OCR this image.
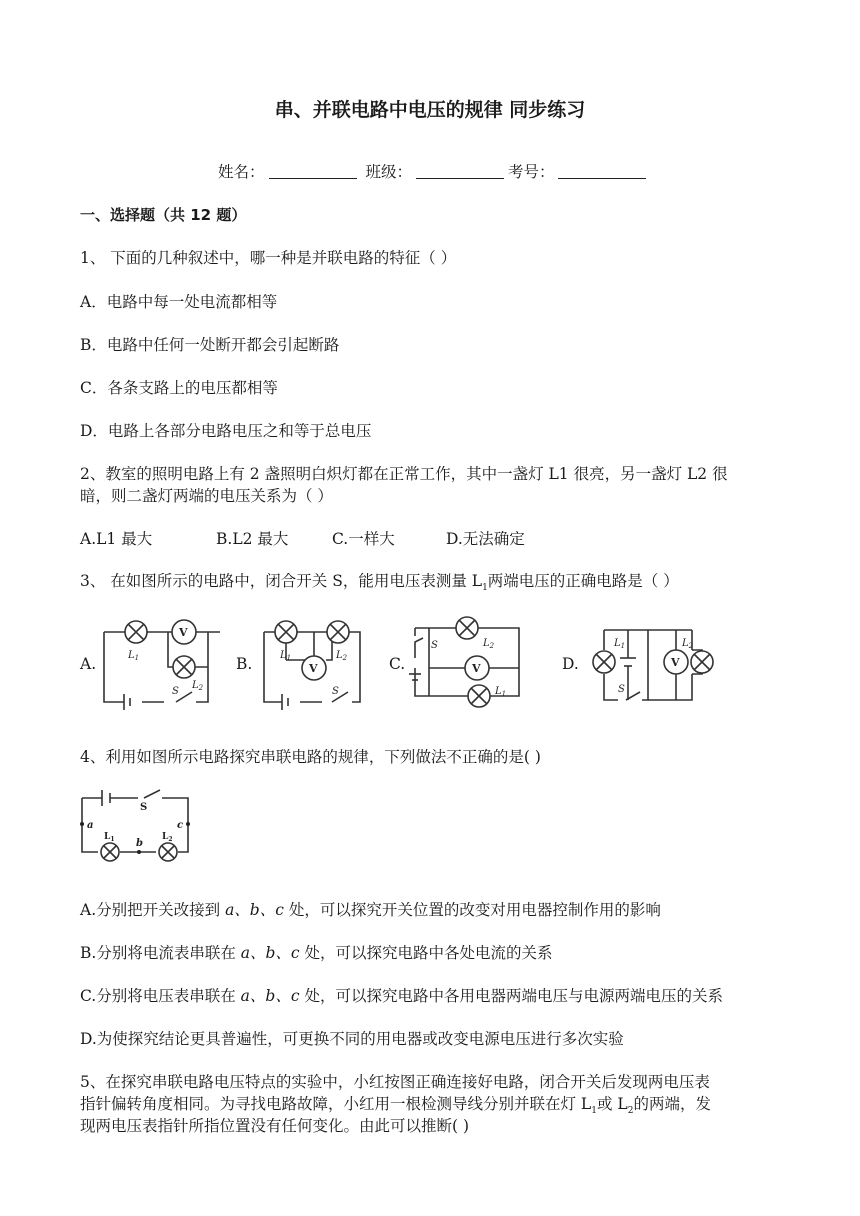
串、并联电路中电压的规律 同步练习
姓名：	班级：	考号：
一、选择题（共 12 题）
1、 下面的几种叙述中，哪一种是并联电路的特征（ ）
A．电路中每一处电流都相等
B．电路中任何一处断开都会引起断路
C．各条支路上的电压都相等
D．电路上各部分电路电压之和等于总电压
2、教室的照明电路上有 2 盏照明白炽灯都在正常工作，其中一盏灯 L1 很亮，另一盏灯 L2 很
暗，则二盏灯两端的电压关系为（ ）
A.L1 最大	B.L2 最大	C.一样大	D.无法确定
3、 在如图所示的电路中，闭合开关 S，能用电压表测量 $L_1$两端电压的正确电路是（ ）
A.	B.	C.	D.
V
$L_1$
$L_2$
S
V
$L_1$	$L_2$
S
V
$L_2$
$L_1$
S
V
$L_1$	$L_2$
S
4、利用如图所示电路探究串联电路的规律，下列做法不正确的是( )
a
b
c
S
$L_1$	$L_2$
A.分别把开关改接到 a、b、c 处，可以探究开关位置的改变对用电器控制作用的影响
B.分别将电流表串联在 a、b、c 处，可以探究电路中各处电流的关系
C.分别将电压表串联在 a、b、c 处，可以探究电路中各用电器两端电压与电源两端电压的关系
D.为使探究结论更具普遍性，可更换不同的用电器或改变电源电压进行多次实验
5、在探究串联电路电压特点的实验中，小红按图正确连接好电路，闭合开关后发现两电压表
指针偏转角度相同。为寻找电路故障，小红用一根检测导线分别并联在灯 $L_1$或 $L_2$的两端，发
现两电压表指针所指位置没有任何变化。由此可以推断( )
